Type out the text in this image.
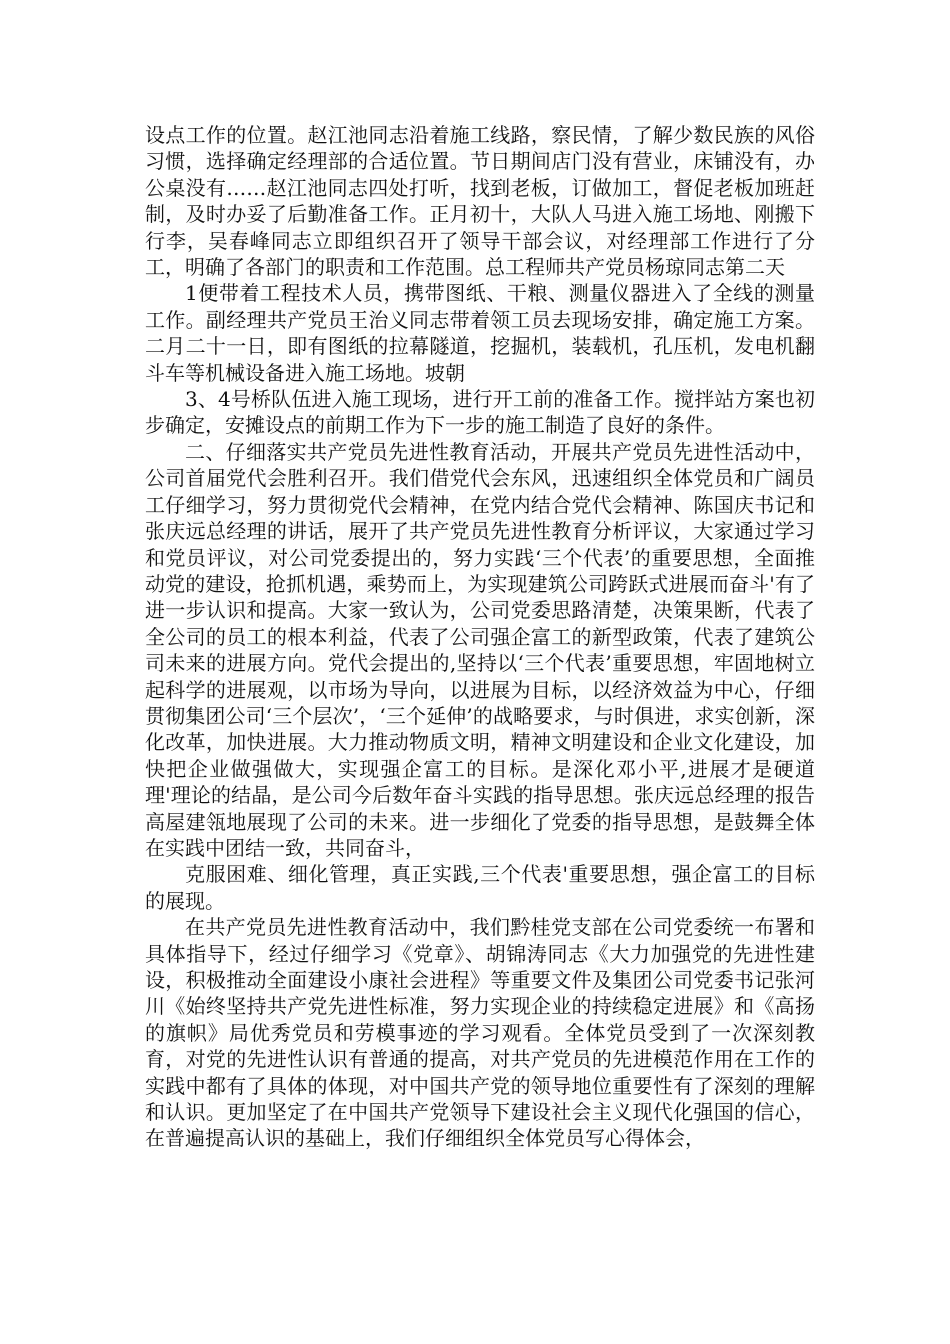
设点工作的位置。赵江池同志沿着施工线路，察民情，了解少数民族的风俗习惯，选择确定经理部的合适位置。节日期间店门没有营业，床铺没有，办公桌没有……赵江池同志四处打听，找到老板，订做加工，督促老板加班赶制，及时办妥了后勤准备工作。正月初十，大队人马进入施工场地、刚搬下行李，吴春峰同志立即组织召开了领导干部会议，对经理部工作进行了分工，明确了各部门的职责和工作范围。总工程师共产党员杨琼同志第二天

1便带着工程技术人员，携带图纸、干粮、测量仪器进入了全线的测量工作。副经理共产党员王治义同志带着领工员去现场安排，确定施工方案。二月二十一日，即有图纸的拉幕隧道，挖掘机，装载机，孔压机，发电机翻斗车等机械设备进入施工场地。坡朝

3、4号桥队伍进入施工现场，进行开工前的准备工作。搅拌站方案也初步确定，安摊设点的前期工作为下一步的施工制造了良好的条件。

二、仔细落实共产党员先进性教育活动，开展共产党员先进性活动中，公司首届党代会胜利召开。我们借党代会东风，迅速组织全体党员和广阔员工仔细学习，努力贯彻党代会精神，在党内结合党代会精神、陈国庆书记和张庆远总经理的讲话，展开了共产党员先进性教育分析评议，大家通过学习和党员评议，对公司党委提出的，努力实践‘三个代表’的重要思想，全面推动党的建设，抢抓机遇，乘势而上，为实现建筑公司跨跃式进展而奋斗'有了进一步认识和提高。大家一致认为，公司党委思路清楚，决策果断，代表了全公司的员工的根本利益，代表了公司强企富工的新型政策，代表了建筑公司未来的进展方向。党代会提出的,坚持以‘三个代表’重要思想，牢固地树立起科学的进展观，以市场为导向，以进展为目标，以经济效益为中心，仔细贯彻集团公司‘三个层次’，‘三个延伸’的战略要求，与时俱进，求实创新，深化改革，加快进展。大力推动物质文明，精神文明建设和企业文化建设，加快把企业做强做大，实现强企富工的目标。是深化邓小平,进展才是硬道理'理论的结晶，是公司今后数年奋斗实践的指导思想。张庆远总经理的报告高屋建瓴地展现了公司的未来。进一步细化了党委的指导思想，是鼓舞全体在实践中团结一致，共同奋斗，

克服困难、细化管理，真正实践,三个代表'重要思想，强企富工的目标的展现。

在共产党员先进性教育活动中，我们黔桂党支部在公司党委统一布署和具体指导下，经过仔细学习《党章》、胡锦涛同志《大力加强党的先进性建设，积极推动全面建设小康社会进程》等重要文件及集团公司党委书记张河川《始终坚持共产党先进性标准，努力实现企业的持续稳定进展》和《高扬的旗帜》局优秀党员和劳模事迹的学习观看。全体党员受到了一次深刻教育，对党的先进性认识有普通的提高，对共产党员的先进模范作用在工作的实践中都有了具体的体现，对中国共产党的领导地位重要性有了深刻的理解和认识。更加坚定了在中国共产党领导下建设社会主义现代化强国的信心，在普遍提高认识的基础上，我们仔细组织全体党员写心得体会，
